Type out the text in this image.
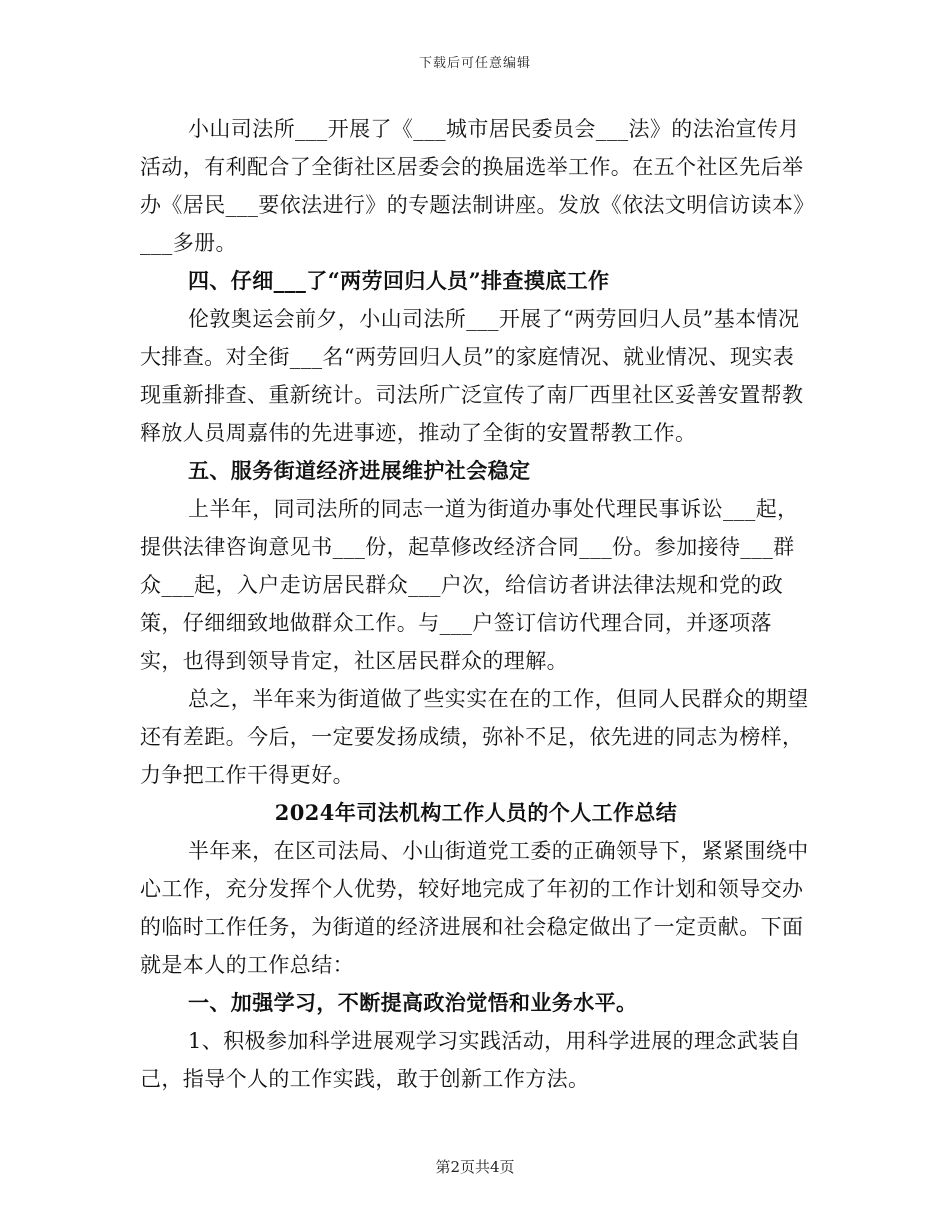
下载后可任意编辑

小山司法所___开展了《___城市居民委员会___法》的法治宣传月活动，有利配合了全街社区居委会的换届选举工作。在五个社区先后举办《居民___要依法进行》的专题法制讲座。发放《依法文明信访读本》___多册。

四、仔细___了“两劳回归人员”排查摸底工作

伦敦奥运会前夕，小山司法所___开展了“两劳回归人员”基本情况大排查。对全街___名“两劳回归人员”的家庭情况、就业情况、现实表现重新排查、重新统计。司法所广泛宣传了南厂西里社区妥善安置帮教释放人员周嘉伟的先进事迹，推动了全街的安置帮教工作。

五、服务街道经济进展维护社会稳定

上半年，同司法所的同志一道为街道办事处代理民事诉讼___起，提供法律咨询意见书___份，起草修改经济合同___份。参加接待___群众___起，入户走访居民群众___户次，给信访者讲法律法规和党的政策，仔细细致地做群众工作。与___户签订信访代理合同，并逐项落实，也得到领导肯定，社区居民群众的理解。

总之，半年来为街道做了些实实在在的工作，但同人民群众的期望还有差距。今后，一定要发扬成绩，弥补不足，依先进的同志为榜样，力争把工作干得更好。

2024年司法机构工作人员的个人工作总结

半年来，在区司法局、小山街道党工委的正确领导下，紧紧围绕中心工作，充分发挥个人优势，较好地完成了年初的工作计划和领导交办的临时工作任务，为街道的经济进展和社会稳定做出了一定贡献。下面就是本人的工作总结：

一、加强学习，不断提高政治觉悟和业务水平。

1、积极参加科学进展观学习实践活动，用科学进展的理念武装自己，指导个人的工作实践，敢于创新工作方法。

第2页共4页
